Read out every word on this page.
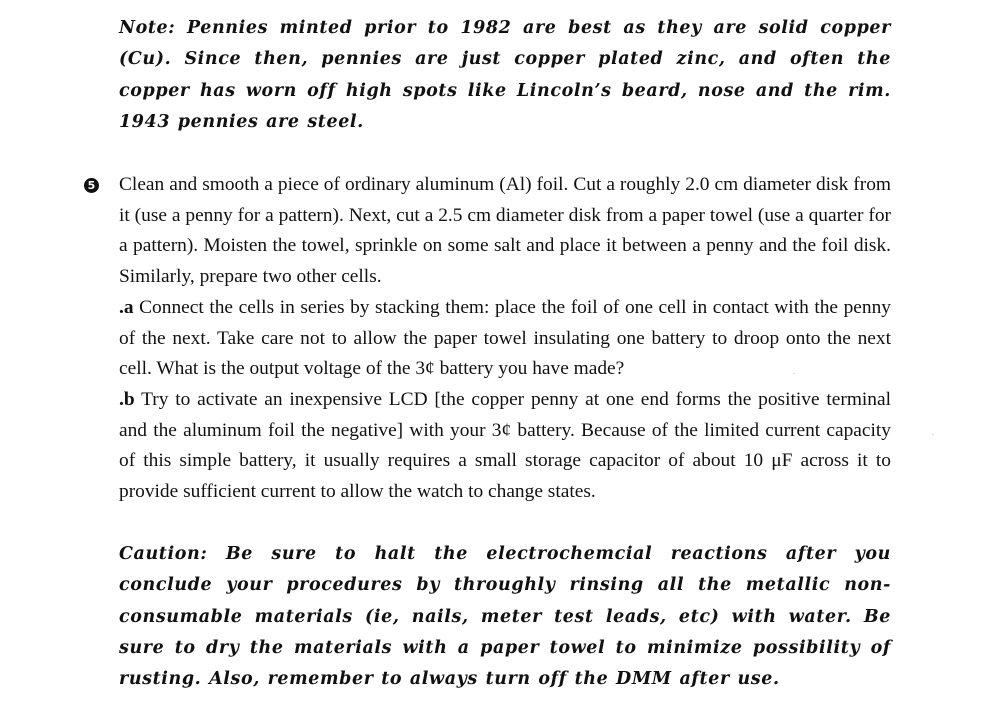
Note: Pennies minted prior to 1982 are best as they are solid copper (Cu). Since then, pennies are just copper plated zinc, and often the copper has worn off high spots like Lincoln’s beard, nose and the rim. 1943 pennies are steel.

5 Clean and smooth a piece of ordinary aluminum (Al) foil. Cut a roughly 2.0 cm diameter disk from it (use a penny for a pattern). Next, cut a 2.5 cm diameter disk from a paper towel (use a quarter for a pattern). Moisten the towel, sprinkle on some salt and place it between a penny and the foil disk. Similarly, prepare two other cells.

.a Connect the cells in series by stacking them: place the foil of one cell in contact with the penny of the next. Take care not to allow the paper towel insulating one battery to droop onto the next cell. What is the output voltage of the 3¢ battery you have made?

.b Try to activate an inexpensive LCD [the copper penny at one end forms the positive terminal and the aluminum foil the negative] with your 3¢ battery. Because of the limited current capacity of this simple battery, it usually requires a small storage capacitor of about 10 μF across it to provide sufficient current to allow the watch to change states.

Caution: Be sure to halt the electrochemcial reactions after you conclude your procedures by throughly rinsing all the metallic non-consumable materials (ie, nails, meter test leads, etc) with water. Be sure to dry the materials with a paper towel to minimize possibility of rusting. Also, remember to always turn off the DMM after use.
